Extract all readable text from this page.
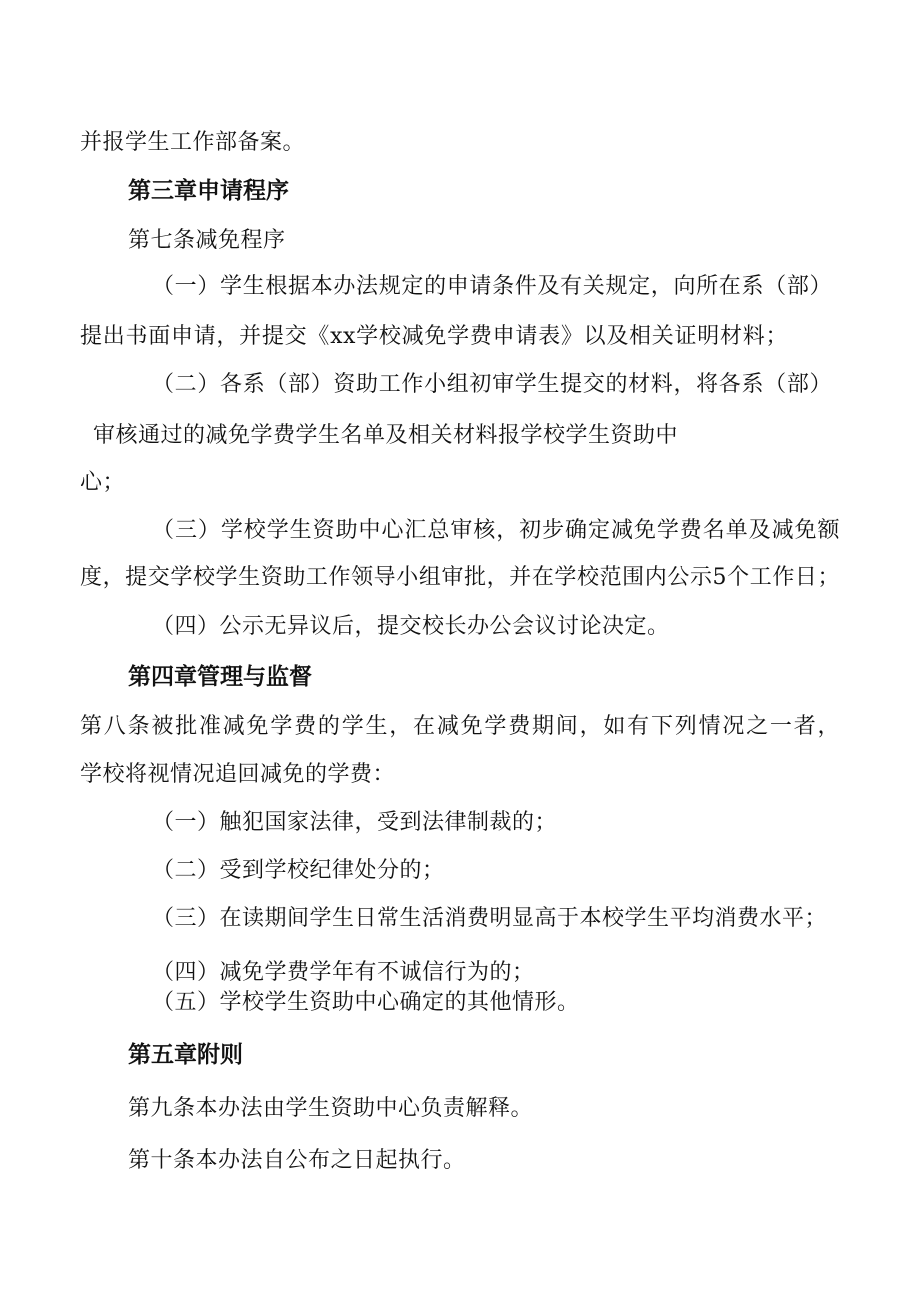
并报学生工作部备案。

第三章申请程序

第七条减免程序

（一）学生根据本办法规定的申请条件及有关规定，向所在系（部）

提出书面申请，并提交《xx学校减免学费申请表》以及相关证明材料；

（二）各系（部）资助工作小组初审学生提交的材料，将各系（部）

审核通过的减免学费学生名单及相关材料报学校学生资助中

心；

（三）学校学生资助中心汇总审核，初步确定减免学费名单及减免额

度，提交学校学生资助工作领导小组审批，并在学校范围内公示5个工作日；

（四）公示无异议后，提交校长办公会议讨论决定。

第四章管理与监督

第八条被批准减免学费的学生，在减免学费期间，如有下列情况之一者，

学校将视情况追回减免的学费：

（一）触犯国家法律，受到法律制裁的；

（二）受到学校纪律处分的；

（三）在读期间学生日常生活消费明显高于本校学生平均消费水平；

（四）减免学费学年有不诚信行为的；

（五）学校学生资助中心确定的其他情形。

第五章附则

第九条本办法由学生资助中心负责解释。

第十条本办法自公布之日起执行。
